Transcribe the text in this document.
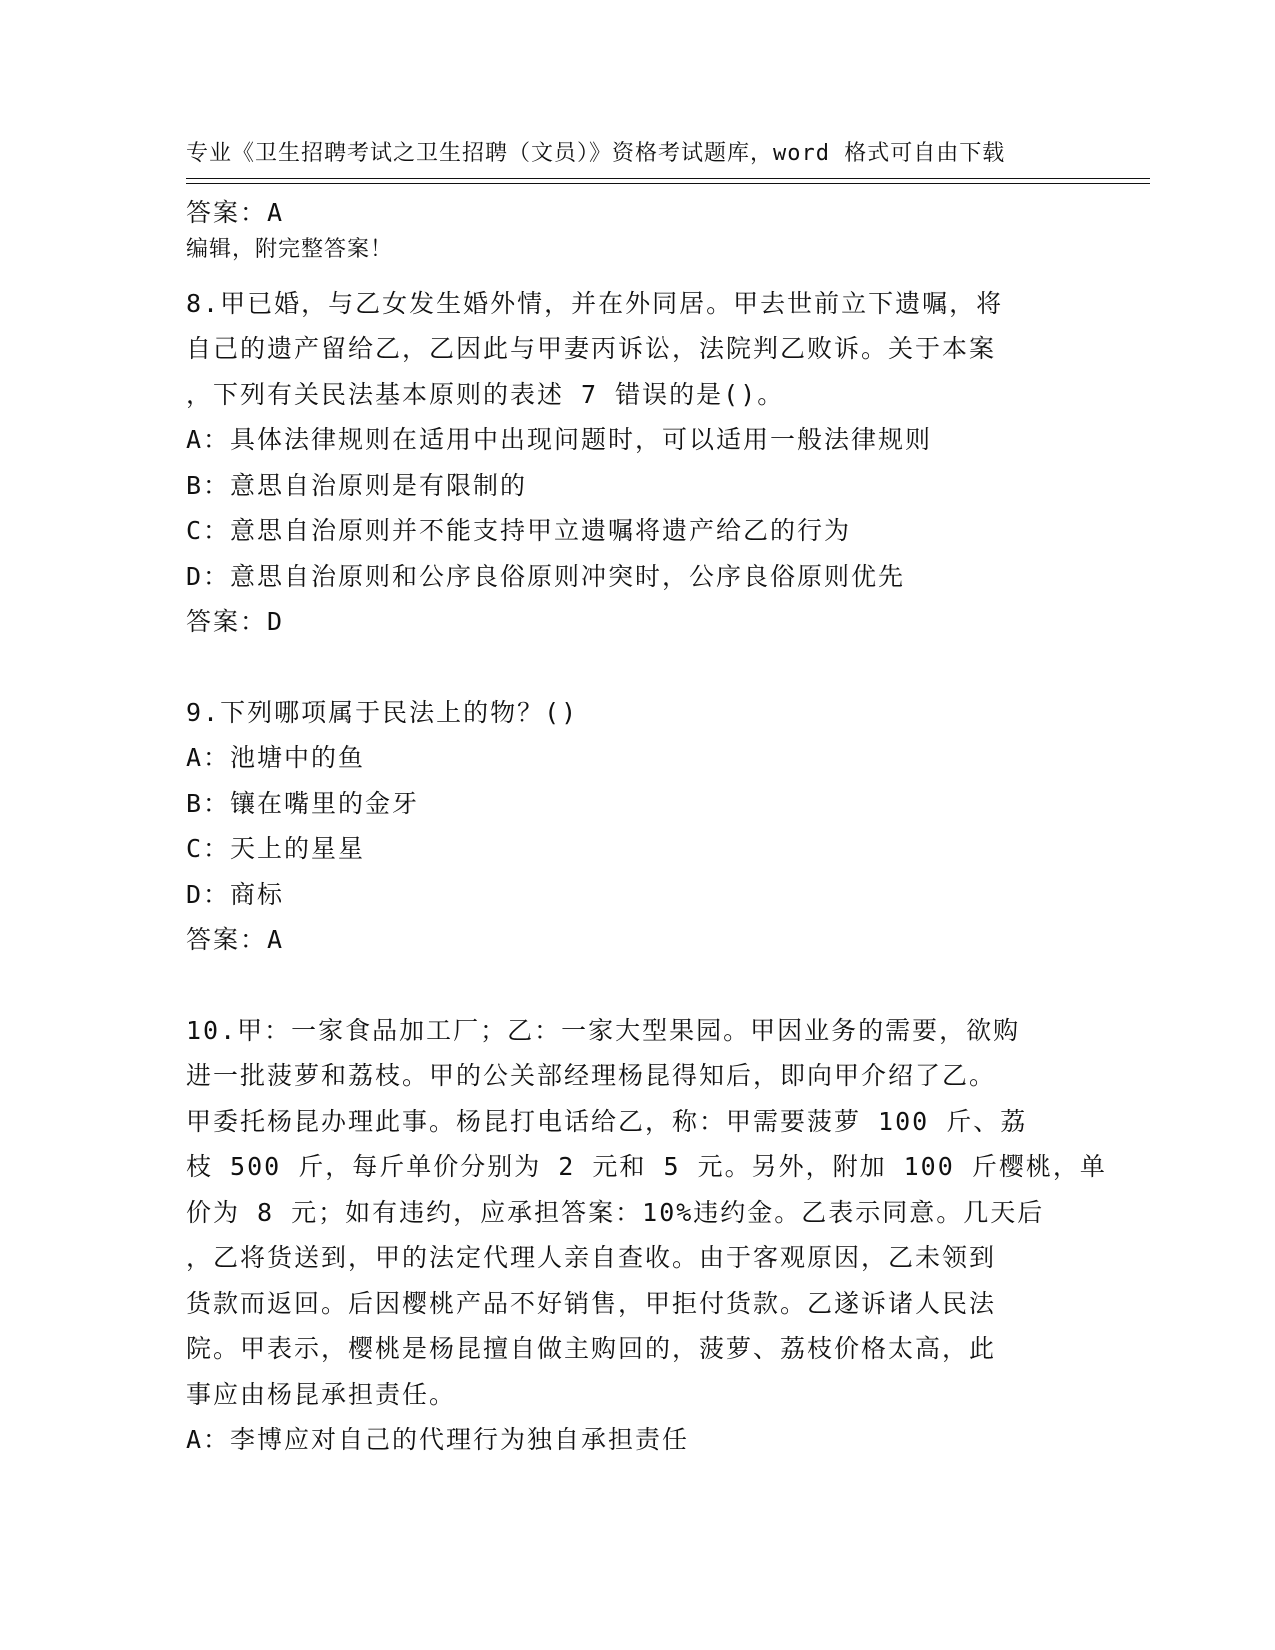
专业《卫生招聘考试之卫生招聘（文员）》资格考试题库，word 格式可自由下载

编辑，附完整答案！

答案：A
8.甲已婚，与乙女发生婚外情，并在外同居。甲去世前立下遗嘱，将
自己的遗产留给乙，乙因此与甲妻丙诉讼，法院判乙败诉。关于本案
，下列有关民法基本原则的表述 7 错误的是()。
A：具体法律规则在适用中出现问题时，可以适用一般法律规则
B：意思自治原则是有限制的
C：意思自治原则并不能支持甲立遗嘱将遗产给乙的行为
D：意思自治原则和公序良俗原则冲突时，公序良俗原则优先
答案：D
9.下列哪项属于民法上的物？()
A：池塘中的鱼
B：镶在嘴里的金牙
C：天上的星星
D：商标
答案：A
10.甲：一家食品加工厂；乙：一家大型果园。甲因业务的需要，欲购
进一批菠萝和荔枝。甲的公关部经理杨昆得知后，即向甲介绍了乙。
甲委托杨昆办理此事。杨昆打电话给乙，称：甲需要菠萝 100 斤、荔
枝 500 斤，每斤单价分别为 2 元和 5 元。另外，附加 100 斤樱桃，单
价为 8 元；如有违约，应承担答案：10%违约金。乙表示同意。几天后
，乙将货送到，甲的法定代理人亲自查收。由于客观原因，乙未领到
货款而返回。后因樱桃产品不好销售，甲拒付货款。乙遂诉诸人民法
院。甲表示，樱桃是杨昆擅自做主购回的，菠萝、荔枝价格太高，此
事应由杨昆承担责任。
A：李博应对自己的代理行为独自承担责任
